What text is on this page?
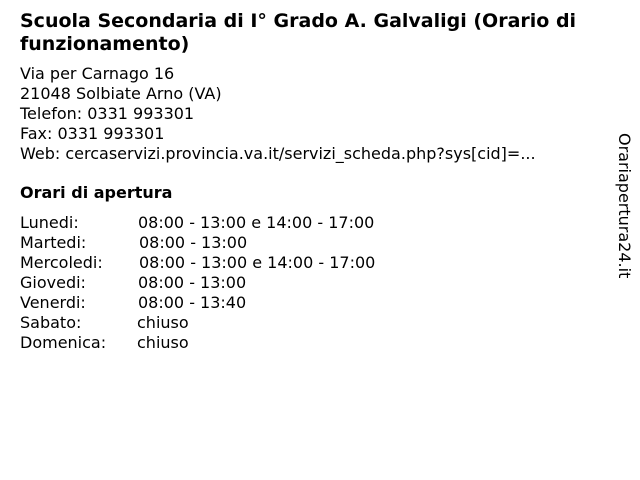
Scuola Secondaria di I° Grado A. Galvaligi (Orario di funzionamento)
Via per Carnago 16
21048 Solbiate Arno (VA)
Telefon: 0331 993301
Fax: 0331 993301
Web: cercaservizi.provincia.va.it/servizi_scheda.php?sys[cid]=...
Orari di apertura
Lunedi:	08:00 - 13:00 e 14:00 - 17:00
Martedi:	08:00 - 13:00
Mercoledi: 08:00 - 13:00 e 14:00 - 17:00
Giovedi:	08:00 - 13:00
Venerdi:	08:00 - 13:40
Sabato:	chiuso
Domenica: chiuso
Orariapertura24.it
